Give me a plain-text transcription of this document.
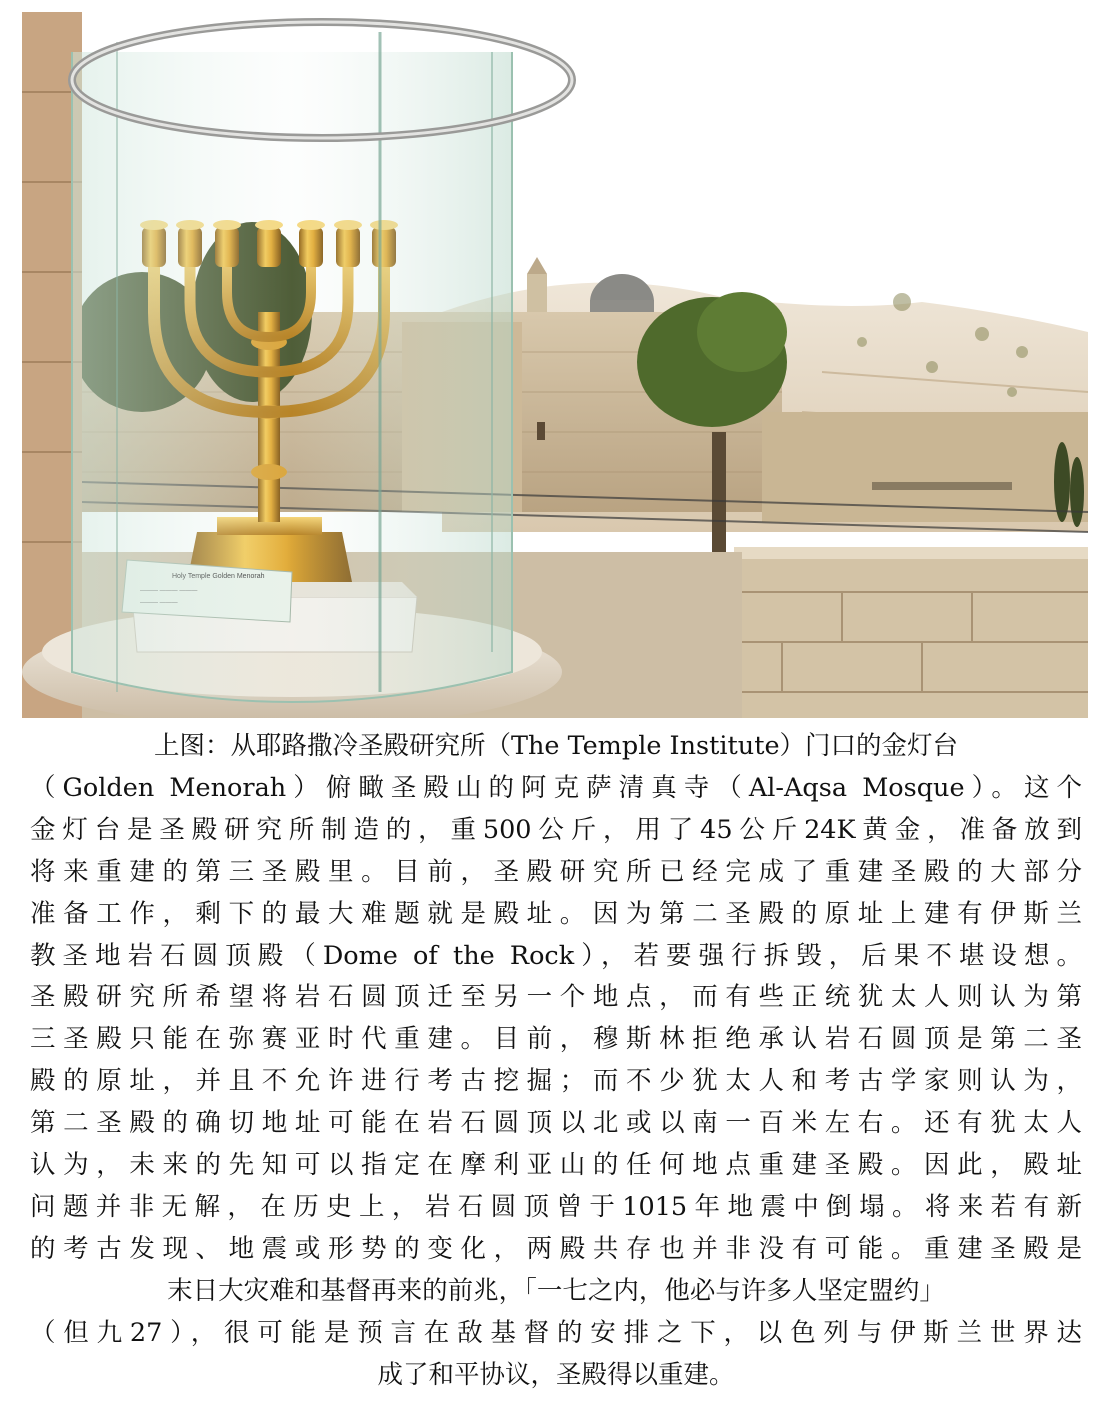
上图：从耶路撒冷圣殿研究所（The Temple Institute）门口的金灯台
（Golden Menorah）俯瞰圣殿山的阿克萨清真寺（Al-Aqsa Mosque）。这个
金灯台是圣殿研究所制造的，重500公斤，用了45公斤24K黄金，准备放到
将来重建的第三圣殿里。目前，圣殿研究所已经完成了重建圣殿的大部分
准备工作，剩下的最大难题就是殿址。因为第二圣殿的原址上建有伊斯兰
教圣地岩石圆顶殿（Dome of the Rock），若要强行拆毁，后果不堪设想。
圣殿研究所希望将岩石圆顶迁至另一个地点，而有些正统犹太人则认为第
三圣殿只能在弥赛亚时代重建。目前，穆斯林拒绝承认岩石圆顶是第二圣
殿的原址，并且不允许进行考古挖掘；而不少犹太人和考古学家则认为，
第二圣殿的确切地址可能在岩石圆顶以北或以南一百米左右。还有犹太人
认为，未来的先知可以指定在摩利亚山的任何地点重建圣殿。因此，殿址
问题并非无解，在历史上，岩石圆顶曾于1015年地震中倒塌。将来若有新
的考古发现、地震或形势的变化，两殿共存也并非没有可能。重建圣殿是
末日大灾难和基督再来的前兆，「一七之内，他必与许多人坚定盟约」
（但九27），很可能是预言在敌基督的安排之下，以色列与伊斯兰世界达
成了和平协议，圣殿得以重建。
